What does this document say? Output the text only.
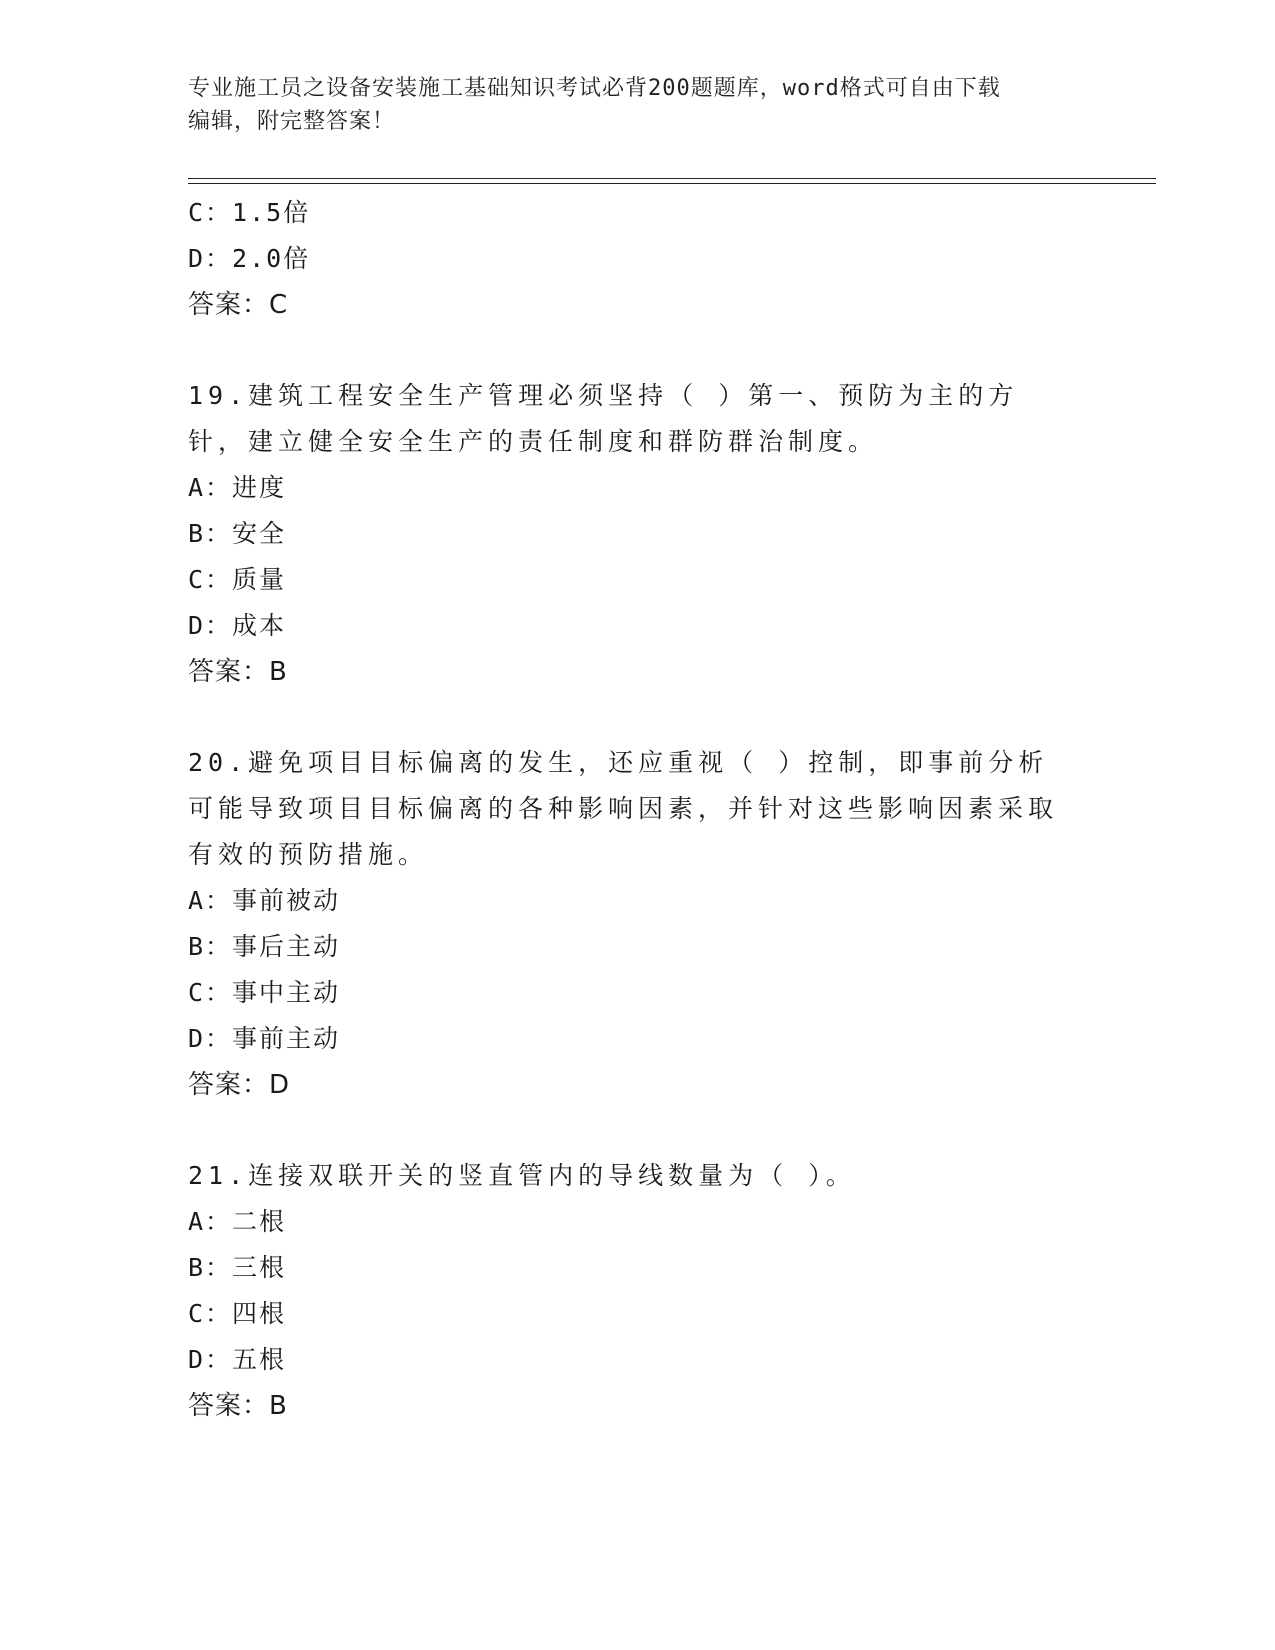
专业施工员之设备安装施工基础知识考试必背200题题库，word格式可自由下载
编辑，附完整答案！
C：1.5倍
D：2.0倍
答案：C
19.建筑工程安全生产管理必须坚持（ ）第一、预防为主的方针，建立健全安全生产的责任制度和群防群治制度。
A：进度
B：安全
C：质量
D：成本
答案：B
20.避免项目目标偏离的发生，还应重视（ ）控制，即事前分析可能导致项目目标偏离的各种影响因素，并针对这些影响因素采取有效的预防措施。
A：事前被动
B：事后主动
C：事中主动
D：事前主动
答案：D
21.连接双联开关的竖直管内的导线数量为（ ）。
A：二根
B：三根
C：四根
D：五根
答案：B
